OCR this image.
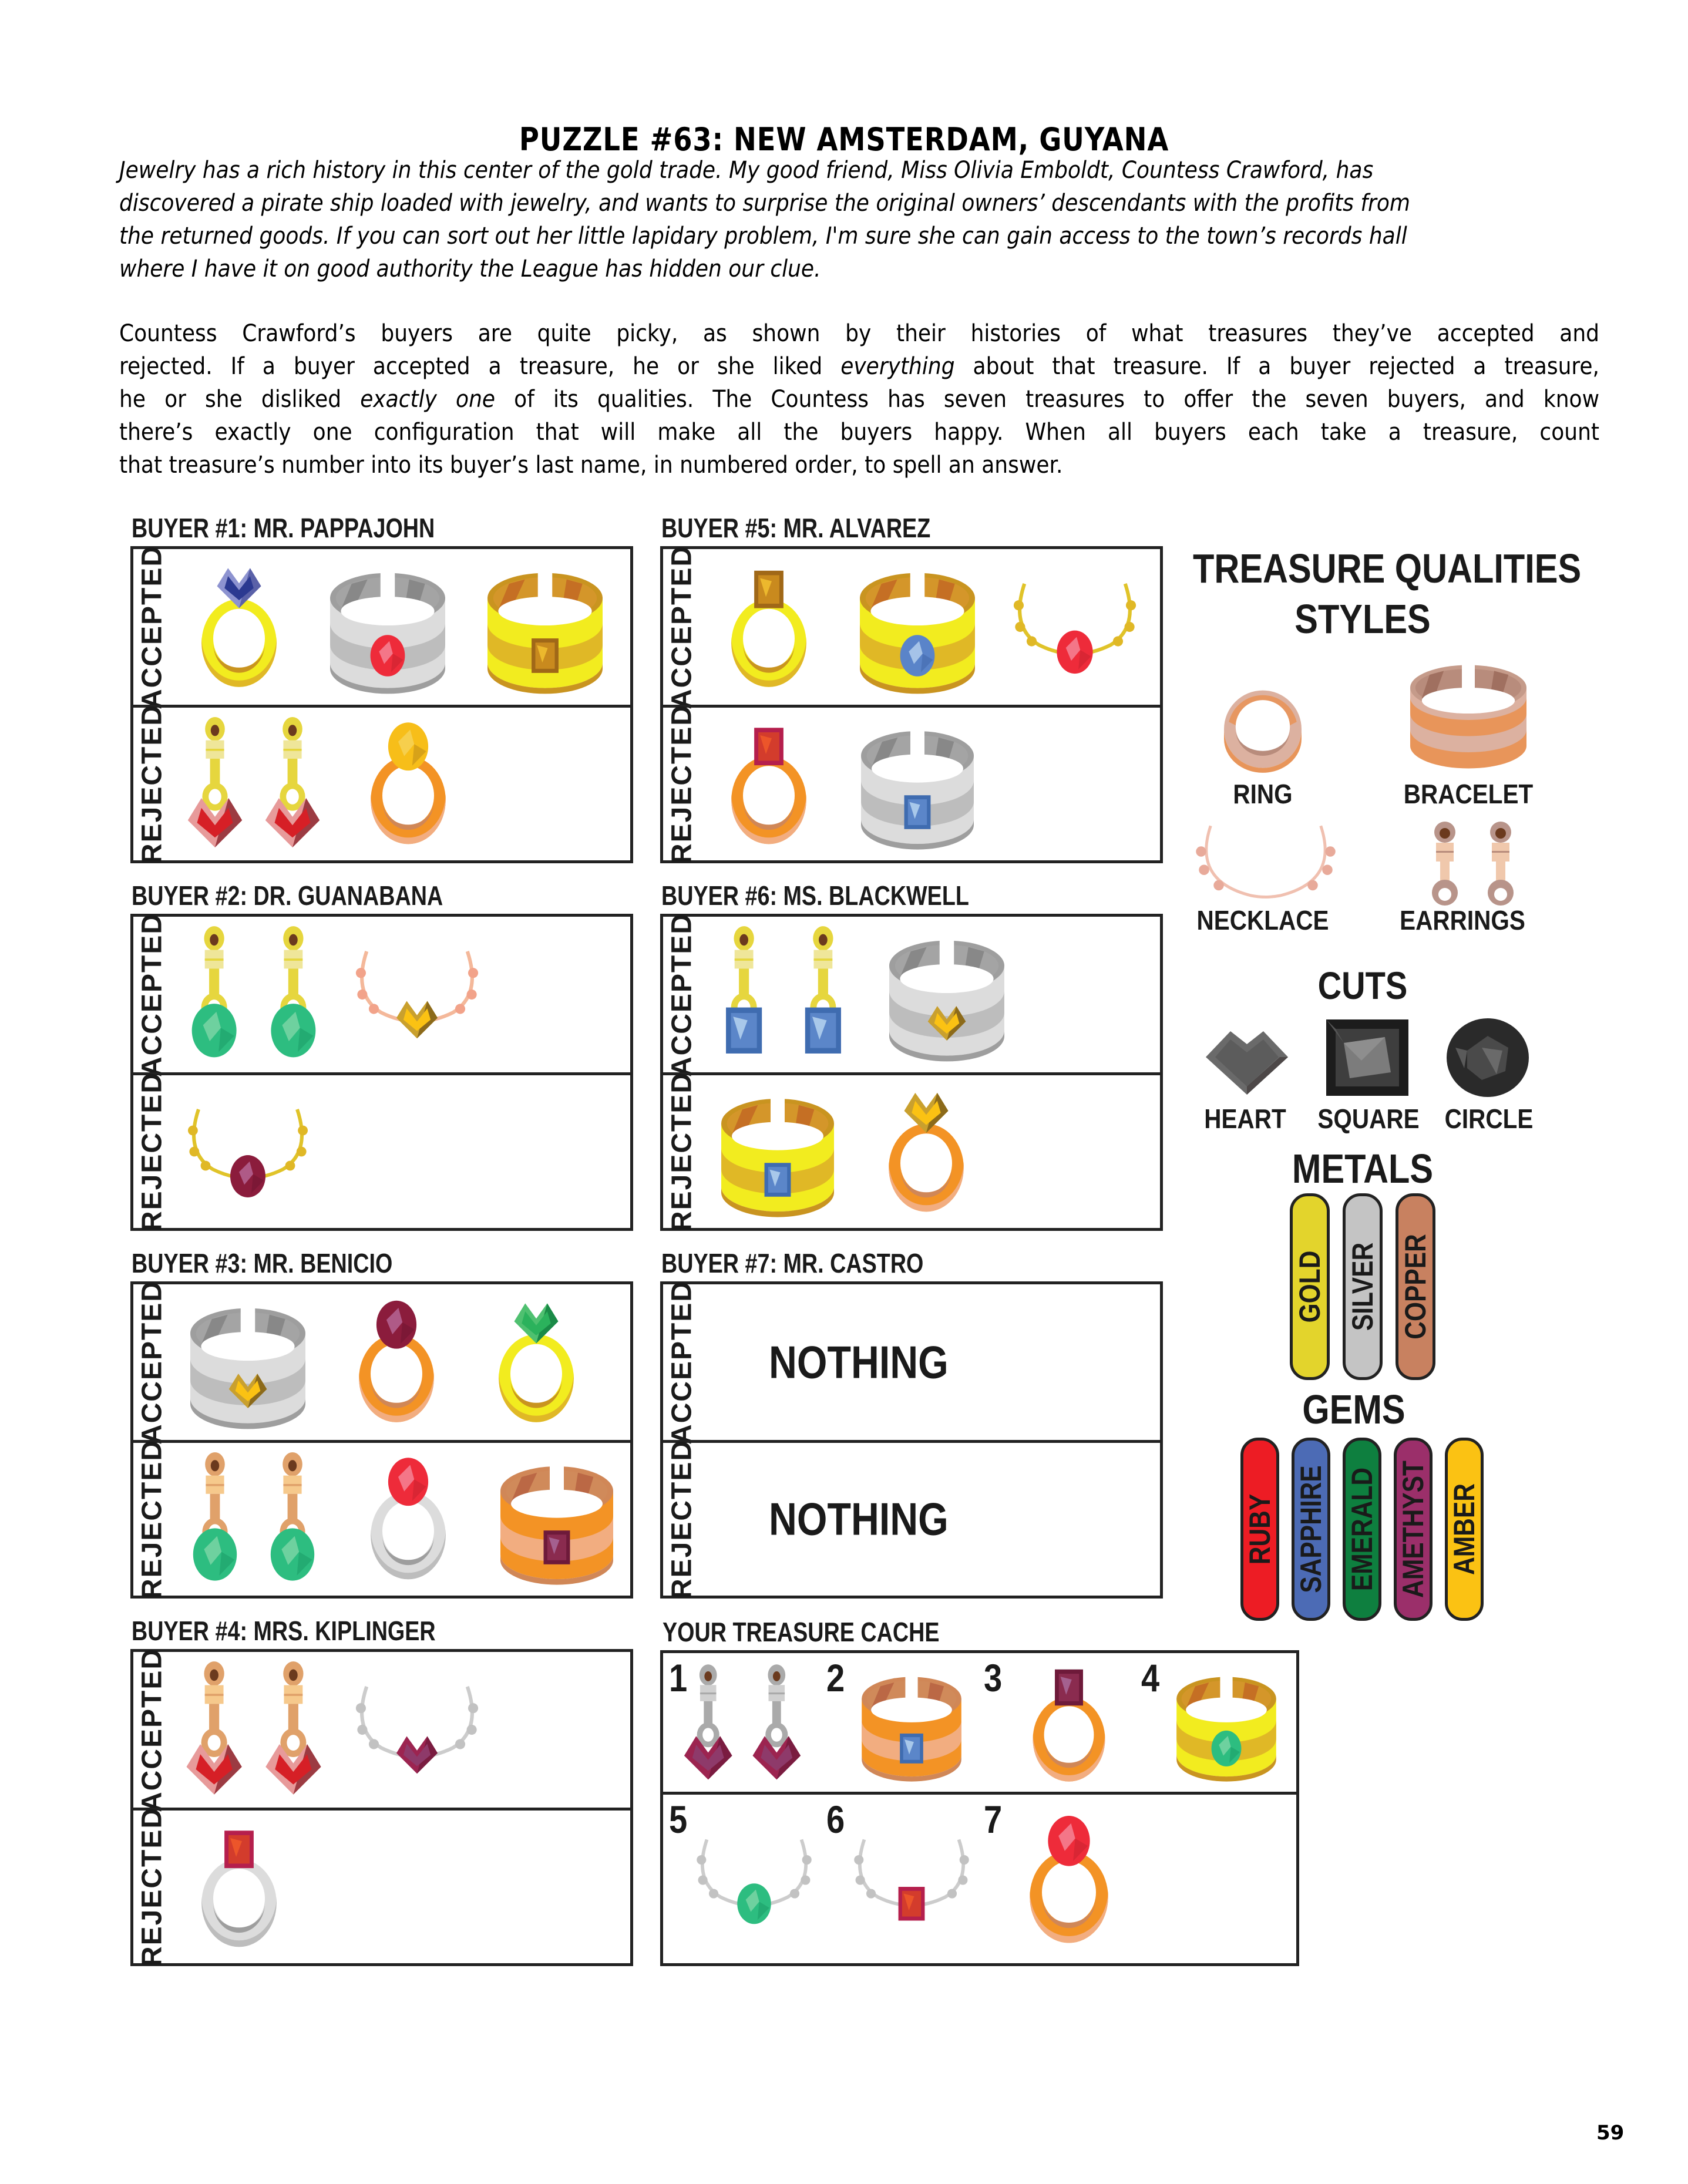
PUZZLE #63: NEW AMSTERDAM, GUYANA
Jewelry has a rich history in this center of the gold trade. My good friend, Miss Olivia Emboldt, Countess Crawford, has
discovered a pirate ship loaded with jewelry, and wants to surprise the original owners’ descendants with the profits from
the returned goods. If you can sort out her little lapidary problem, I'm sure she can gain access to the town’s records hall
where I have it on good authority the League has hidden our clue.
Countess Crawford’s buyers are quite picky, as shown by their histories of what treasures they’ve accepted and
rejected. If a buyer accepted a treasure, he or she liked everything about that treasure. If a buyer rejected a treasure,
he or she disliked exactly one of its qualities. The Countess has seven treasures to offer the seven buyers, and know
there’s exactly one configuration that will make all the buyers happy. When all buyers each take a treasure, count
that treasure’s number into its buyer’s last name, in numbered order, to spell an answer.
BUYER #1: MR. PAPPAJOHN
ACCEPTED
REJECTED
BUYER #2: DR. GUANABANA
ACCEPTED
REJECTED
BUYER #3: MR. BENICIO
ACCEPTED
REJECTED
BUYER #4: MRS. KIPLINGER
ACCEPTED
REJECTED
BUYER #5: MR. ALVAREZ
ACCEPTED
REJECTED
BUYER #6: MS. BLACKWELL
ACCEPTED
REJECTED
BUYER #7: MR. CASTRO
ACCEPTED NOTHING
REJECTED NOTHING
YOUR TREASURE CACHE
1	2	3	4
5	6	7
TREASURE QUALITIES
STYLES
RING	BRACELET
NECKLACE	EARRINGS
CUTS
HEART SQUARE CIRCLE
METALS
GOLD SILVER COPPER
GEMS
RUBY SAPPHIRE EMERALD AMETHYST AMBER
59
